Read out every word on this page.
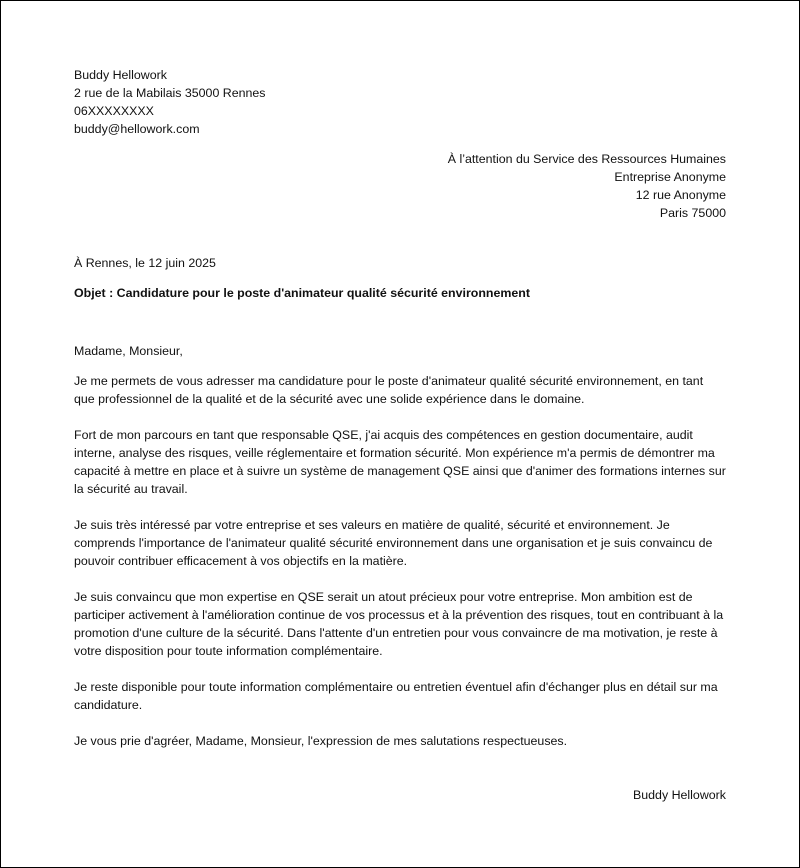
Buddy Hellowork
2 rue de la Mabilais 35000 Rennes
06XXXXXXXX
buddy@hellowork.com
À l’attention du Service des Ressources Humaines
Entreprise Anonyme
12 rue Anonyme
Paris 75000
À Rennes, le 12 juin 2025
Objet : Candidature pour le poste d'animateur qualité sécurité environnement
Madame, Monsieur,

Je me permets de vous adresser ma candidature pour le poste d'animateur qualité sécurité environnement, en tant que professionnel de la qualité et de la sécurité avec une solide expérience dans le domaine.

Fort de mon parcours en tant que responsable QSE, j'ai acquis des compétences en gestion documentaire, audit interne, analyse des risques, veille réglementaire et formation sécurité. Mon expérience m'a permis de démontrer ma capacité à mettre en place et à suivre un système de management QSE ainsi que d'animer des formations internes sur la sécurité au travail.

Je suis très intéressé par votre entreprise et ses valeurs en matière de qualité, sécurité et environnement. Je comprends l'importance de l'animateur qualité sécurité environnement dans une organisation et je suis convaincu de pouvoir contribuer efficacement à vos objectifs en la matière.

Je suis convaincu que mon expertise en QSE serait un atout précieux pour votre entreprise. Mon ambition est de participer activement à l'amélioration continue de vos processus et à la prévention des risques, tout en contribuant à la promotion d'une culture de la sécurité. Dans l'attente d'un entretien pour vous convaincre de ma motivation, je reste à votre disposition pour toute information complémentaire.

Je reste disponible pour toute information complémentaire ou entretien éventuel afin d'échanger plus en détail sur ma candidature.

Je vous prie d'agréer, Madame, Monsieur, l'expression de mes salutations respectueuses.

Buddy Hellowork
